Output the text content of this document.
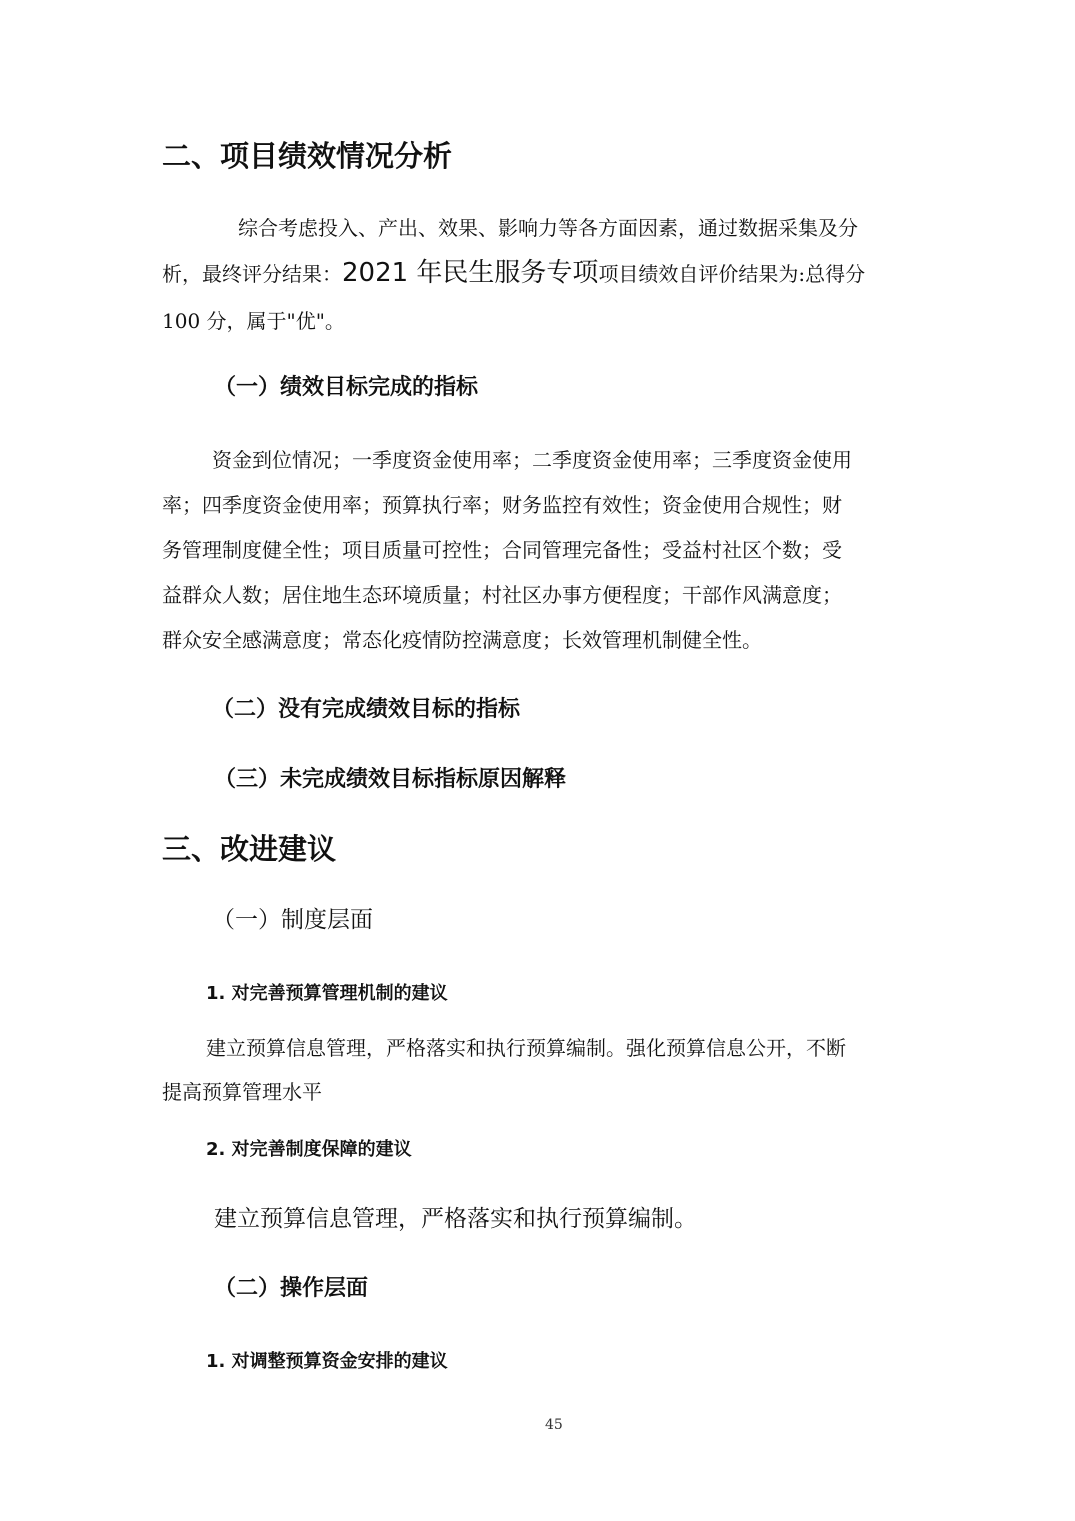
二、项目绩效情况分析
综合考虑投入、产出、效果、影响力等各方面因素，通过数据采集及分
析，最终评分结果：2021 年民生服务专项项目绩效自评价结果为:总得分
100 分，属于"优"。
（一）绩效目标完成的指标
资金到位情况；一季度资金使用率；二季度资金使用率；三季度资金使用
率；四季度资金使用率；预算执行率；财务监控有效性；资金使用合规性；财
务管理制度健全性；项目质量可控性；合同管理完备性；受益村社区个数；受
益群众人数；居住地生态环境质量；村社区办事方便程度；干部作风满意度；
群众安全感满意度；常态化疫情防控满意度；长效管理机制健全性。
（二）没有完成绩效目标的指标
（三）未完成绩效目标指标原因解释
三、改进建议
（一）制度层面
1. 对完善预算管理机制的建议
建立预算信息管理，严格落实和执行预算编制。强化预算信息公开，不断
提高预算管理水平
2. 对完善制度保障的建议
建立预算信息管理，严格落实和执行预算编制。
（二）操作层面
1. 对调整预算资金安排的建议
45
